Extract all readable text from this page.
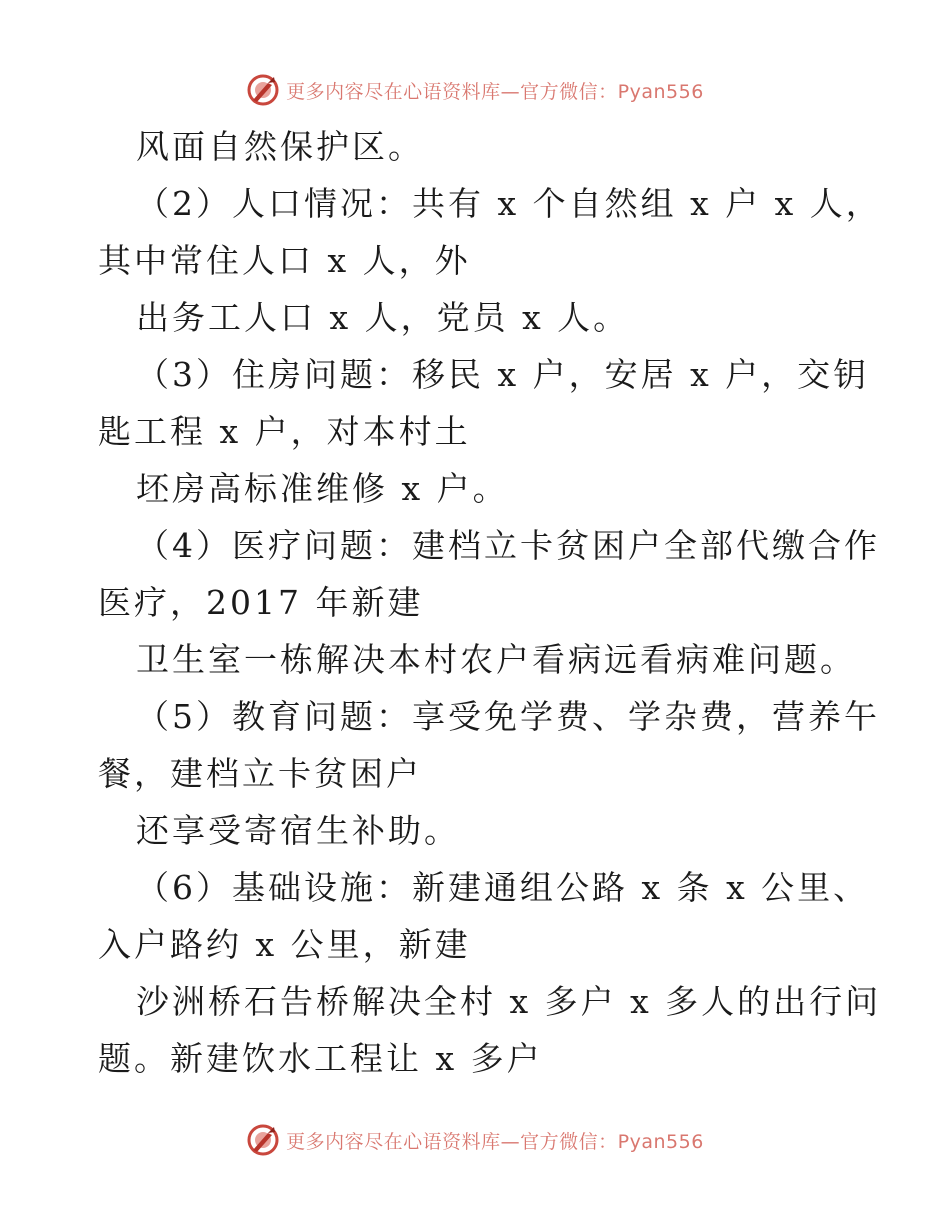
更多内容尽在心语资料库—官方微信：Pyan556
风面自然保护区。
（2）人口情况：共有 x 个自然组 x 户 x 人，
其中常住人口 x 人，外
出务工人口 x 人，党员 x 人。
（3）住房问题：移民 x 户，安居 x 户，交钥
匙工程 x 户，对本村土
坯房高标准维修 x 户。
（4）医疗问题：建档立卡贫困户全部代缴合作
医疗，2017 年新建
卫生室一栋解决本村农户看病远看病难问题。
（5）教育问题：享受免学费、学杂费，营养午
餐，建档立卡贫困户
还享受寄宿生补助。
（6）基础设施：新建通组公路 x 条 x 公里、
入户路约 x 公里，新建
沙洲桥石告桥解决全村 x 多户 x 多人的出行问
题。新建饮水工程让 x 多户
更多内容尽在心语资料库—官方微信：Pyan556
